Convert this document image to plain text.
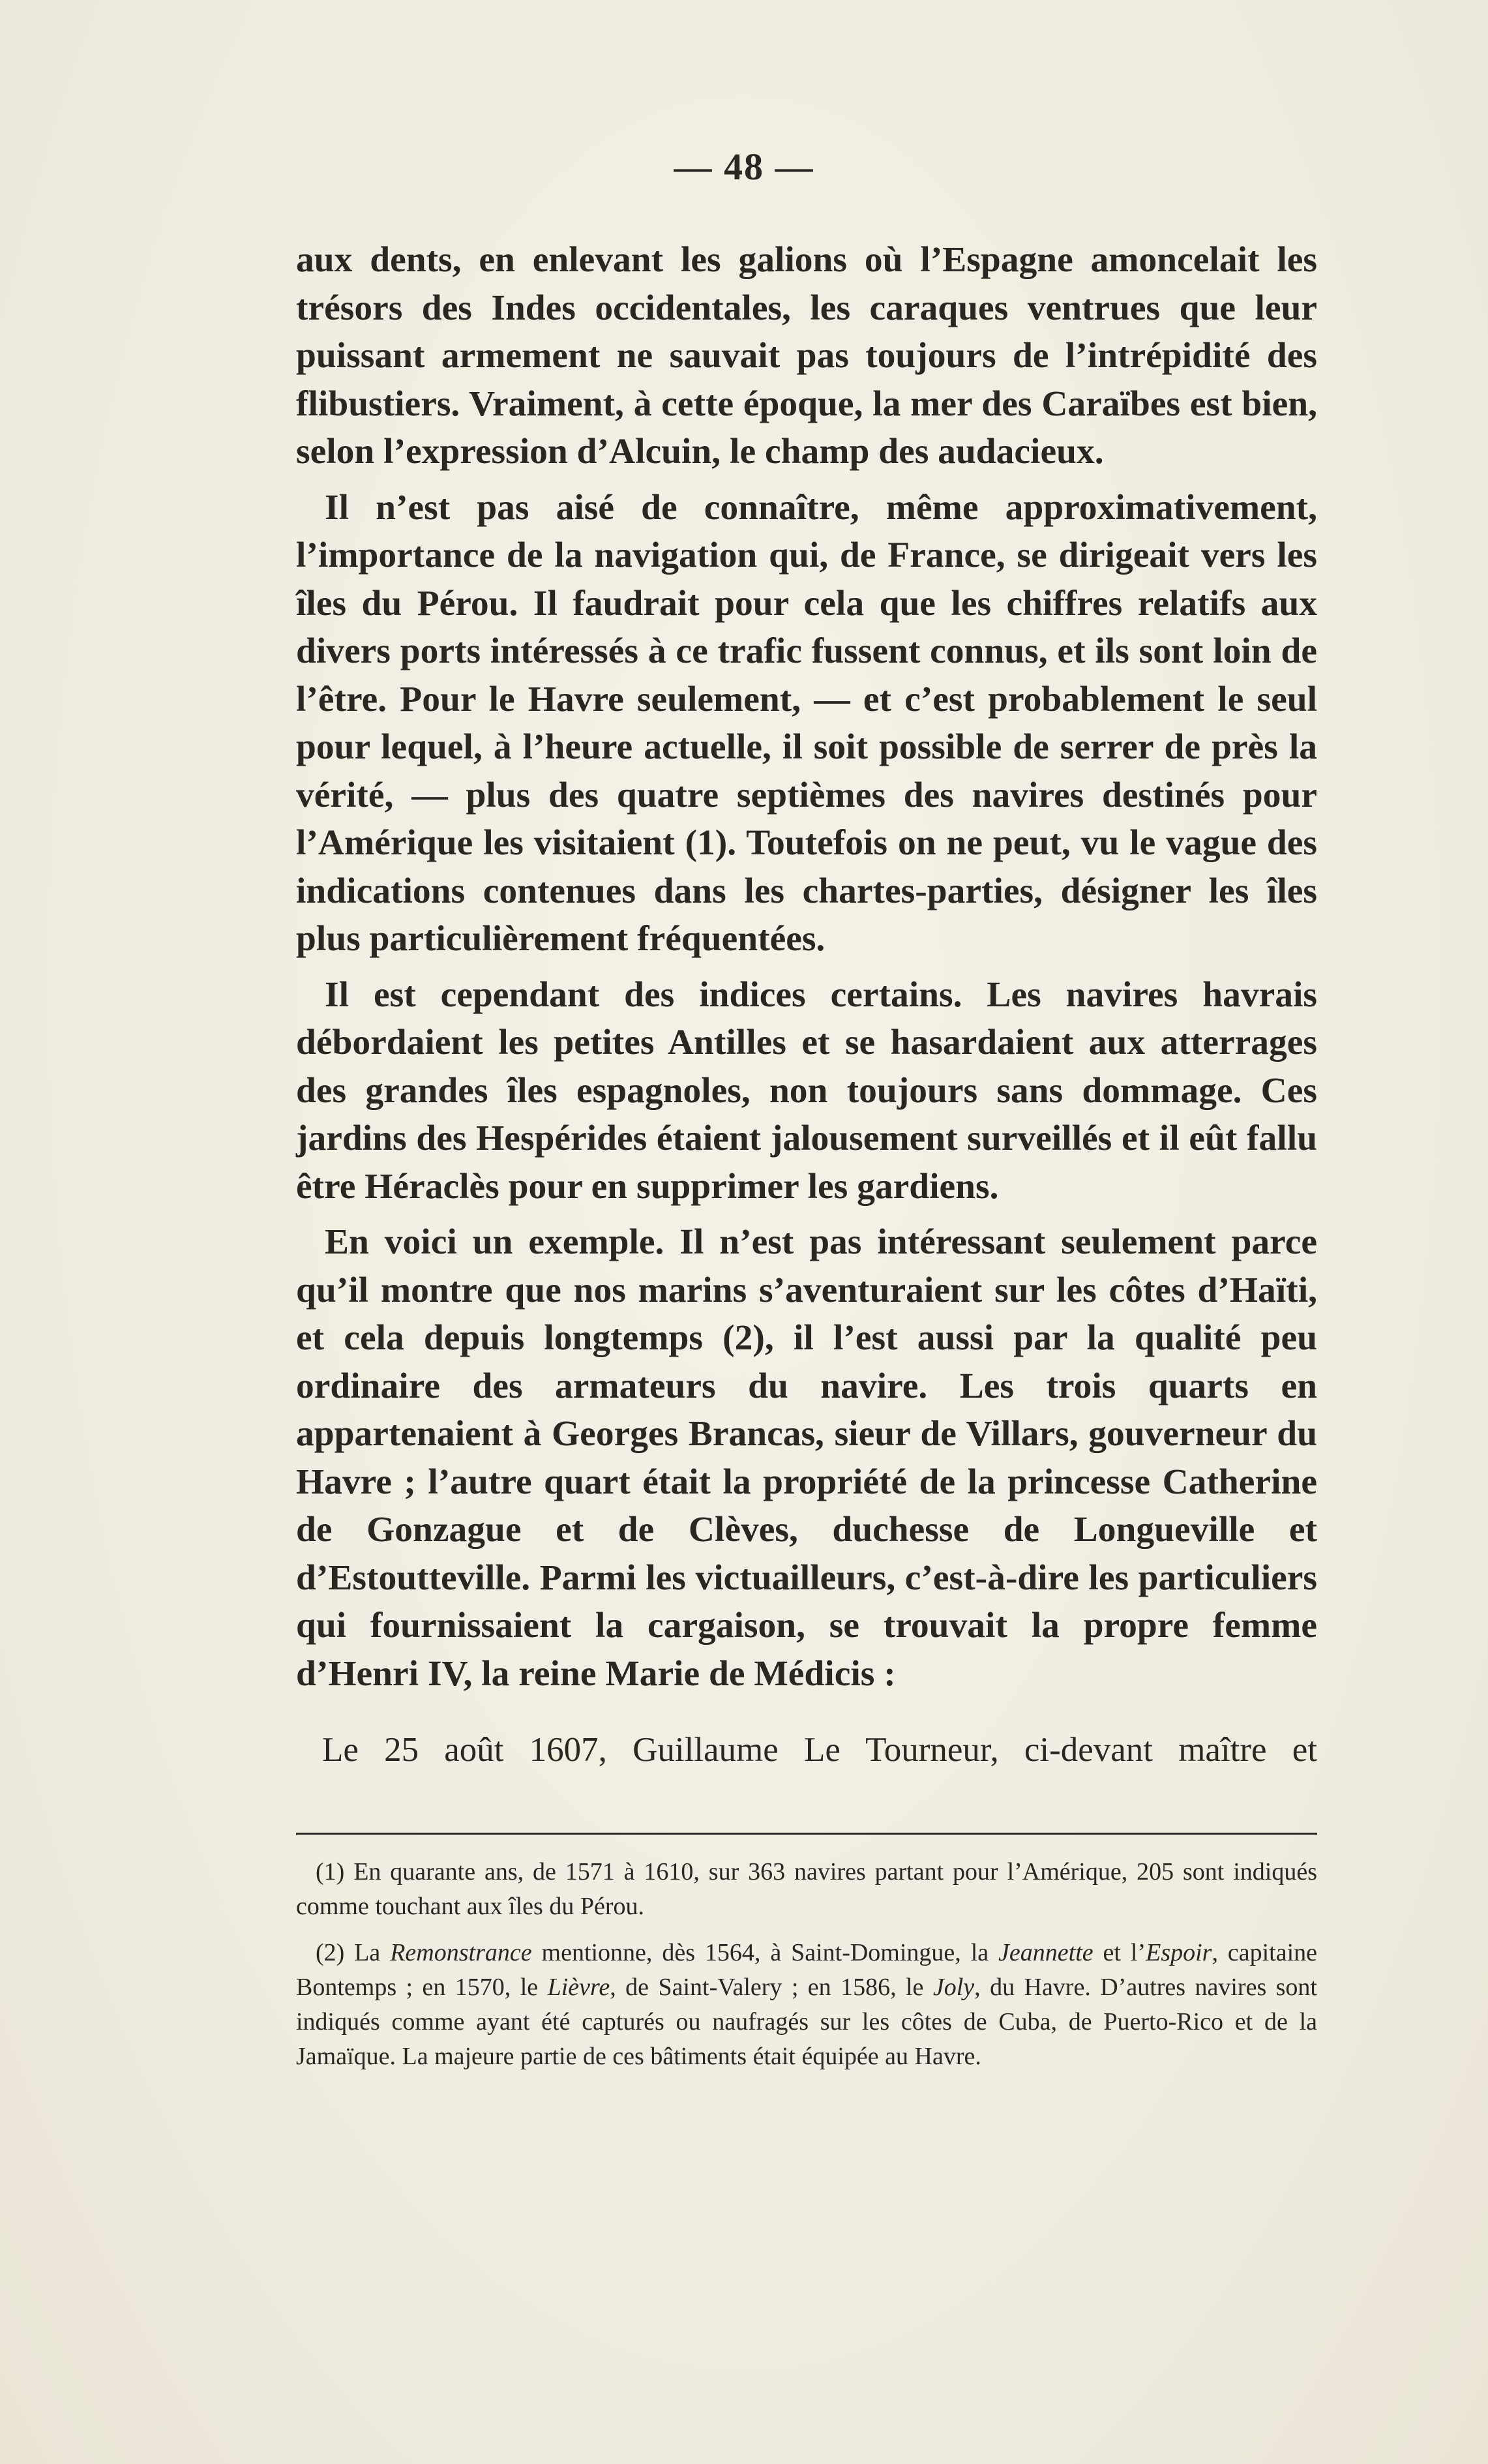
— 48 —

aux dents, en enlevant les galions où l’Espagne amoncelait les trésors des Indes occidentales, les caraques ventrues que leur puissant armement ne sauvait pas toujours de l’intrépidité des flibustiers. Vraiment, à cette époque, la mer des Caraïbes est bien, selon l’expression d’Alcuin, le champ des audacieux.

Il n’est pas aisé de connaître, même approximativement, l’importance de la navigation qui, de France, se dirigeait vers les îles du Pérou. Il faudrait pour cela que les chiffres relatifs aux divers ports intéressés à ce trafic fussent connus, et ils sont loin de l’être. Pour le Havre seulement, — et c’est probablement le seul pour lequel, à l’heure actuelle, il soit possible de serrer de près la vérité, — plus des quatre septièmes des navires destinés pour l’Amérique les visitaient (1). Toutefois on ne peut, vu le vague des indications contenues dans les chartes-parties, désigner les îles plus particulièrement fréquentées.

Il est cependant des indices certains. Les navires havrais débordaient les petites Antilles et se hasardaient aux atterrages des grandes îles espagnoles, non toujours sans dommage. Ces jardins des Hespérides étaient jalousement surveillés et il eût fallu être Héraclès pour en supprimer les gardiens.

En voici un exemple. Il n’est pas intéressant seulement parce qu’il montre que nos marins s’aventuraient sur les côtes d’Haïti, et cela depuis longtemps (2), il l’est aussi par la qualité peu ordinaire des armateurs du navire. Les trois quarts en appartenaient à Georges Brancas, sieur de Villars, gouverneur du Havre ; l’autre quart était la propriété de la princesse Catherine de Gonzague et de Clèves, duchesse de Longueville et d’Estoutteville. Parmi les victuailleurs, c’est-à-dire les particuliers qui fournissaient la cargaison, se trouvait la propre femme d’Henri IV, la reine Marie de Médicis :

Le 25 août 1607, Guillaume Le Tourneur, ci-devant maître et

(1) En quarante ans, de 1571 à 1610, sur 363 navires partant pour l’Amérique, 205 sont indiqués comme touchant aux îles du Pérou.

(2) La Remonstrance mentionne, dès 1564, à Saint-Domingue, la Jeannette et l’Espoir, capitaine Bontemps ; en 1570, le Lièvre, de Saint-Valery ; en 1586, le Joly, du Havre. D’autres navires sont indiqués comme ayant été capturés ou naufragés sur les côtes de Cuba, de Puerto-Rico et de la Jamaïque. La majeure partie de ces bâtiments était équipée au Havre.
